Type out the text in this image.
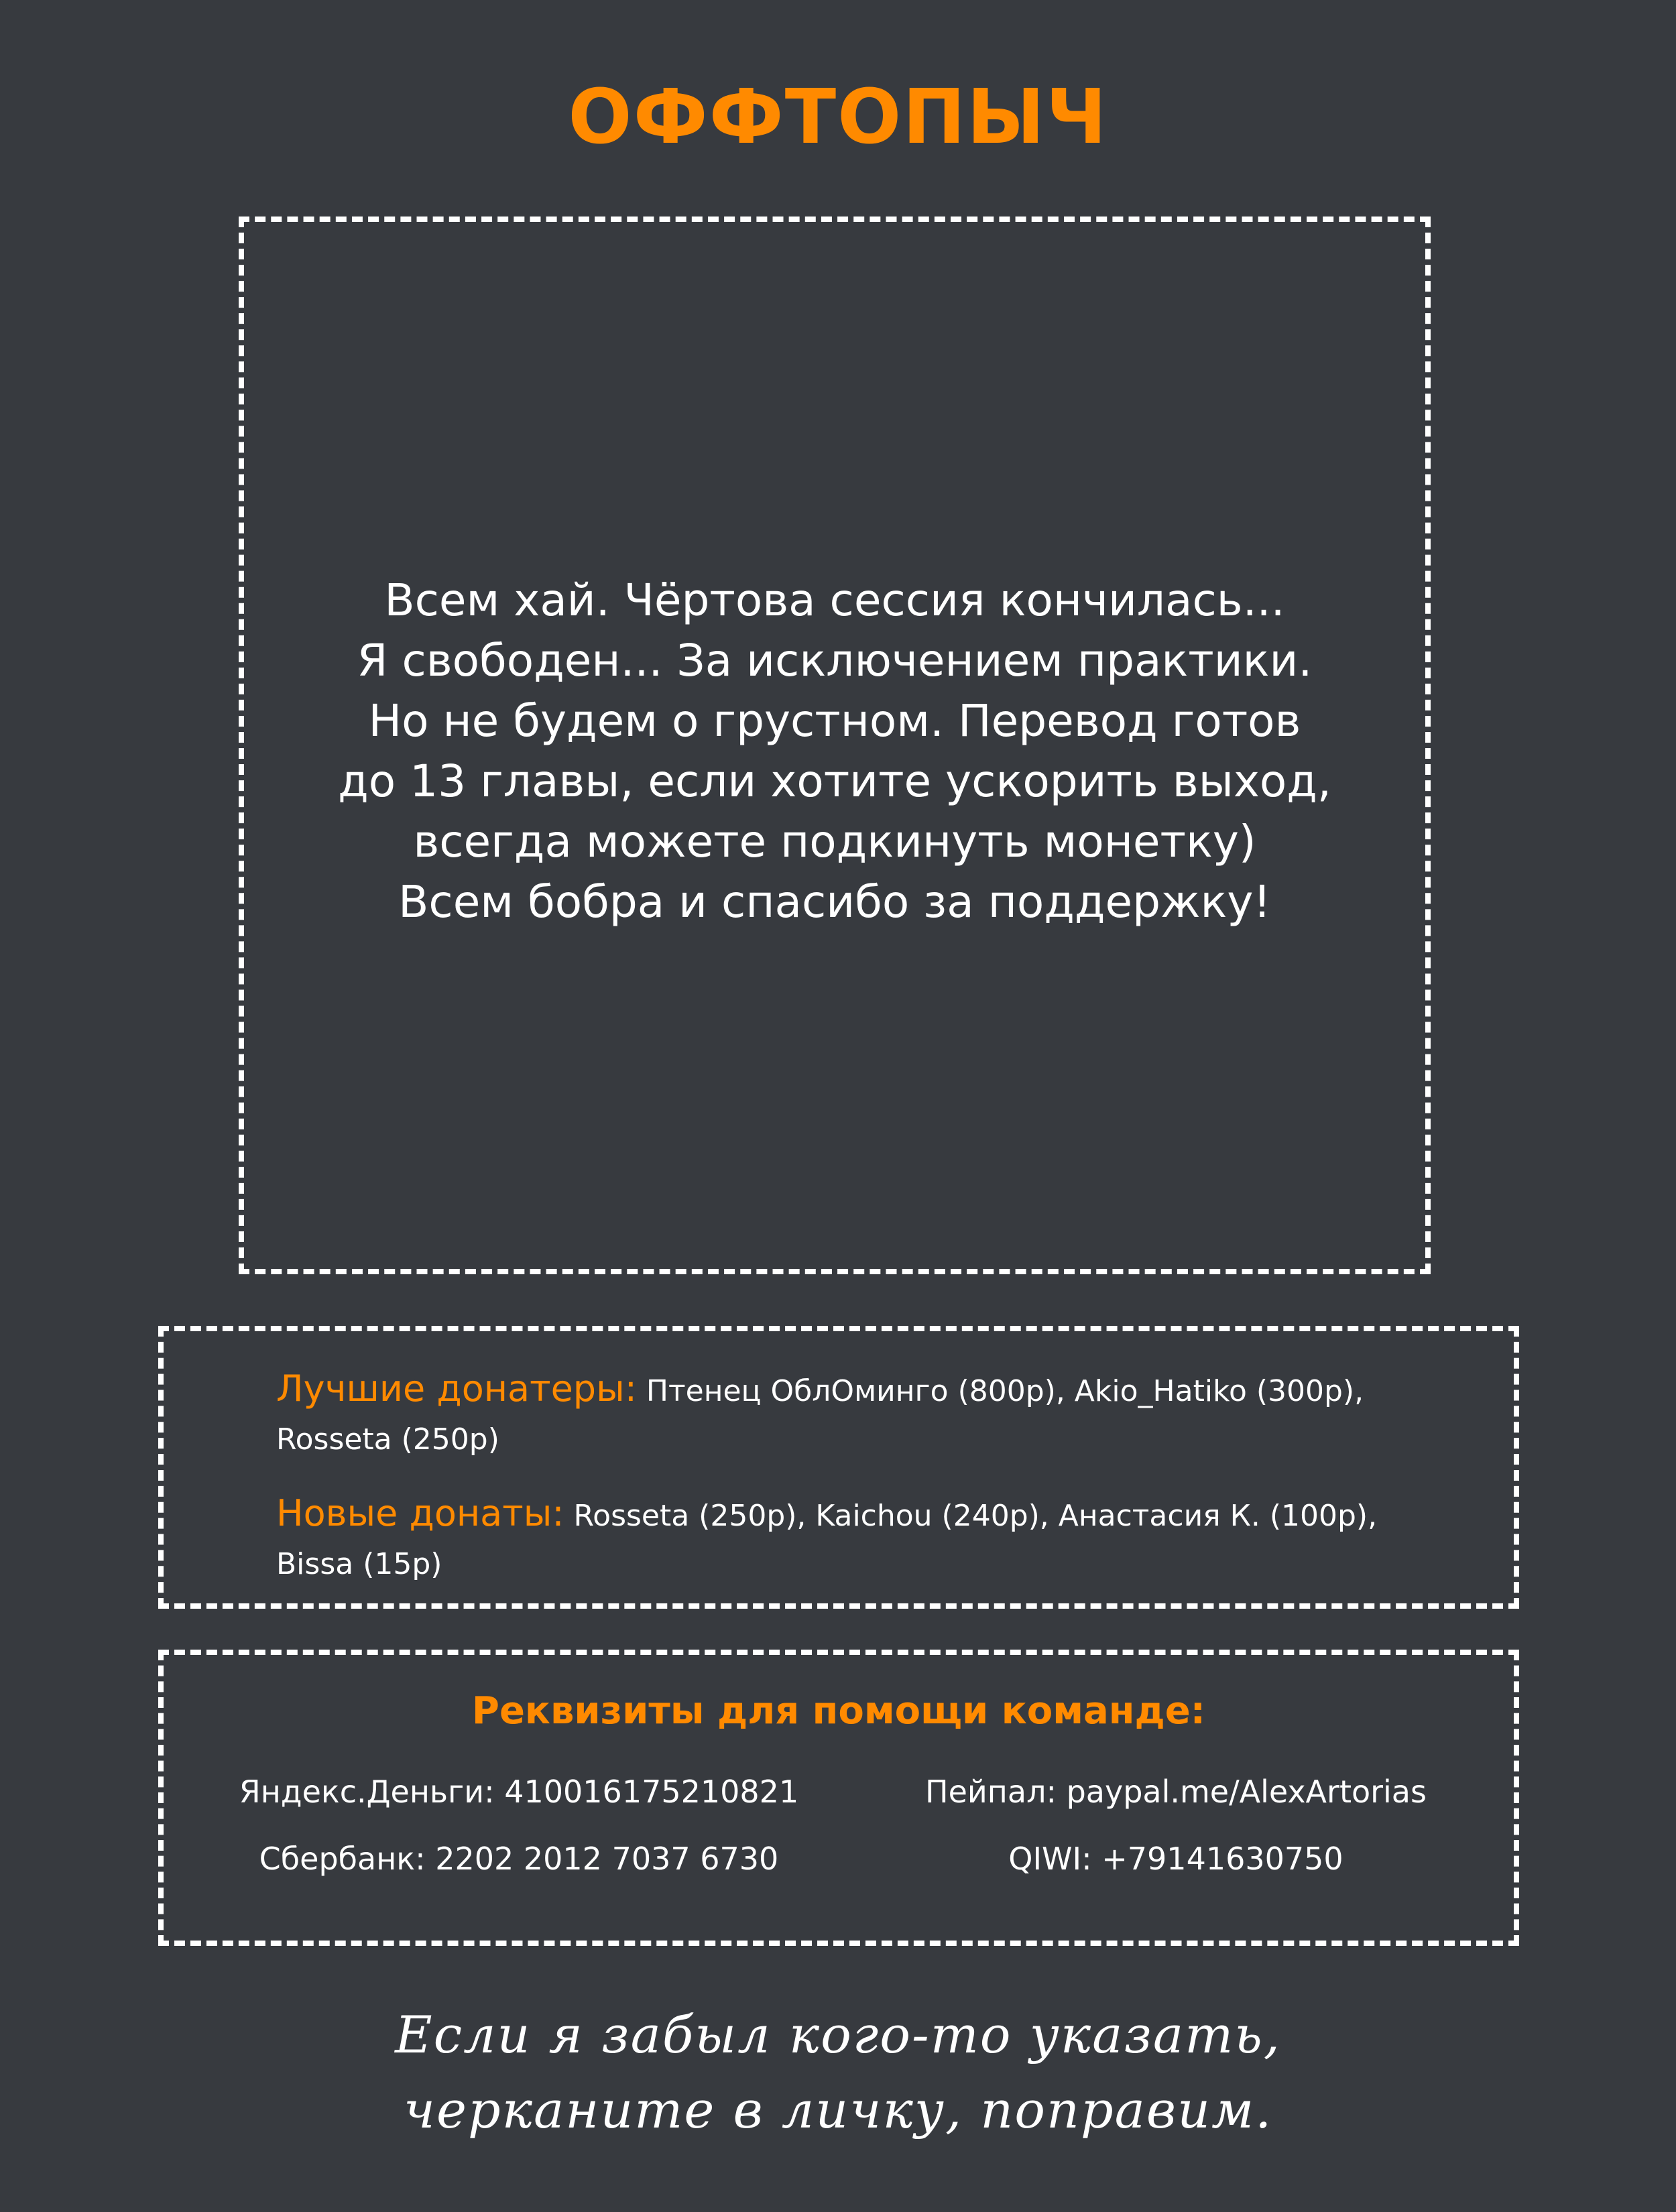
ОФФТОПЫЧ
Всем хай. Чёртова сессия кончилась...
Я свободен... За исключением практики.
Но не будем о грустном. Перевод готов
до 13 главы, если хотите ускорить выход,
всегда можете подкинуть монетку)
Всем бобра и спасибо за поддержку!
Лучшие донатеры: Птенец ОблОминго (800р), Akio_Hatiko (300р), Rosseta (250р)
Новые донаты: Rosseta (250р), Kaichou (240р), Анастасия К. (100р), Bissa (15р)
Реквизиты для помощи команде:
Яндекс.Деньги: 410016175210821	Пейпал: paypal.me/AlexArtorias
Сбербанк: 2202 2012 7037 6730	QIWI: +79141630750
Если я забыл кого-то указать,
черканите в личку, поправим.
